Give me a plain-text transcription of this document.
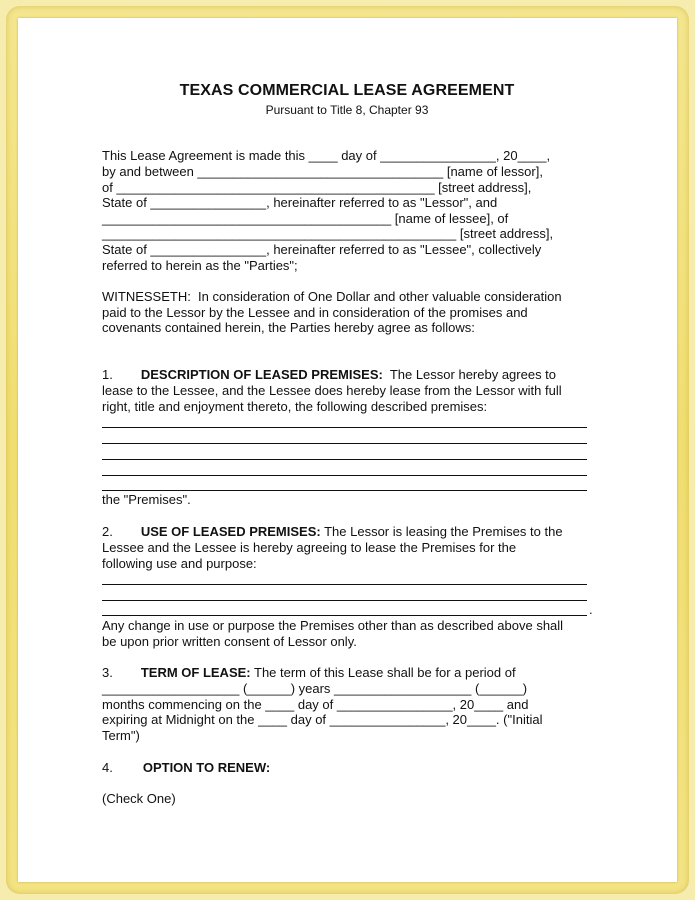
TEXAS COMMERCIAL LEASE AGREEMENT
Pursuant to Title 8, Chapter 93
This Lease Agreement is made this ____ day of ________________, 20____,
by and between __________________________________ [name of lessor],
of ____________________________________________ [street address],
State of ________________, hereinafter referred to as "Lessor", and
________________________________________ [name of lessee], of
_________________________________________________ [street address],
State of ________________, hereinafter referred to as "Lessee", collectively
referred to herein as the "Parties";
WITNESSETH:  In consideration of One Dollar and other valuable consideration
paid to the Lessor by the Lessee and in consideration of the promises and
covenants contained herein, the Parties hereby agree as follows:
1. DESCRIPTION OF LEASED PREMISES:  The Lessor hereby agrees to
lease to the Lessee, and the Lessee does hereby lease from the Lessor with full
right, title and enjoyment thereto, the following described premises:
the "Premises".
2. USE OF LEASED PREMISES: The Lessor is leasing the Premises to the
Lessee and the Lessee is hereby agreeing to lease the Premises for the
following use and purpose:
.
Any change in use or purpose the Premises other than as described above shall
be upon prior written consent of Lessor only.
3. TERM OF LEASE: The term of this Lease shall be for a period of
___________________ (______) years ___________________ (______)
months commencing on the ____ day of ________________, 20____ and
expiring at Midnight on the ____ day of ________________, 20____. ("Initial
Term")
4. OPTION TO RENEW:
(Check One)
